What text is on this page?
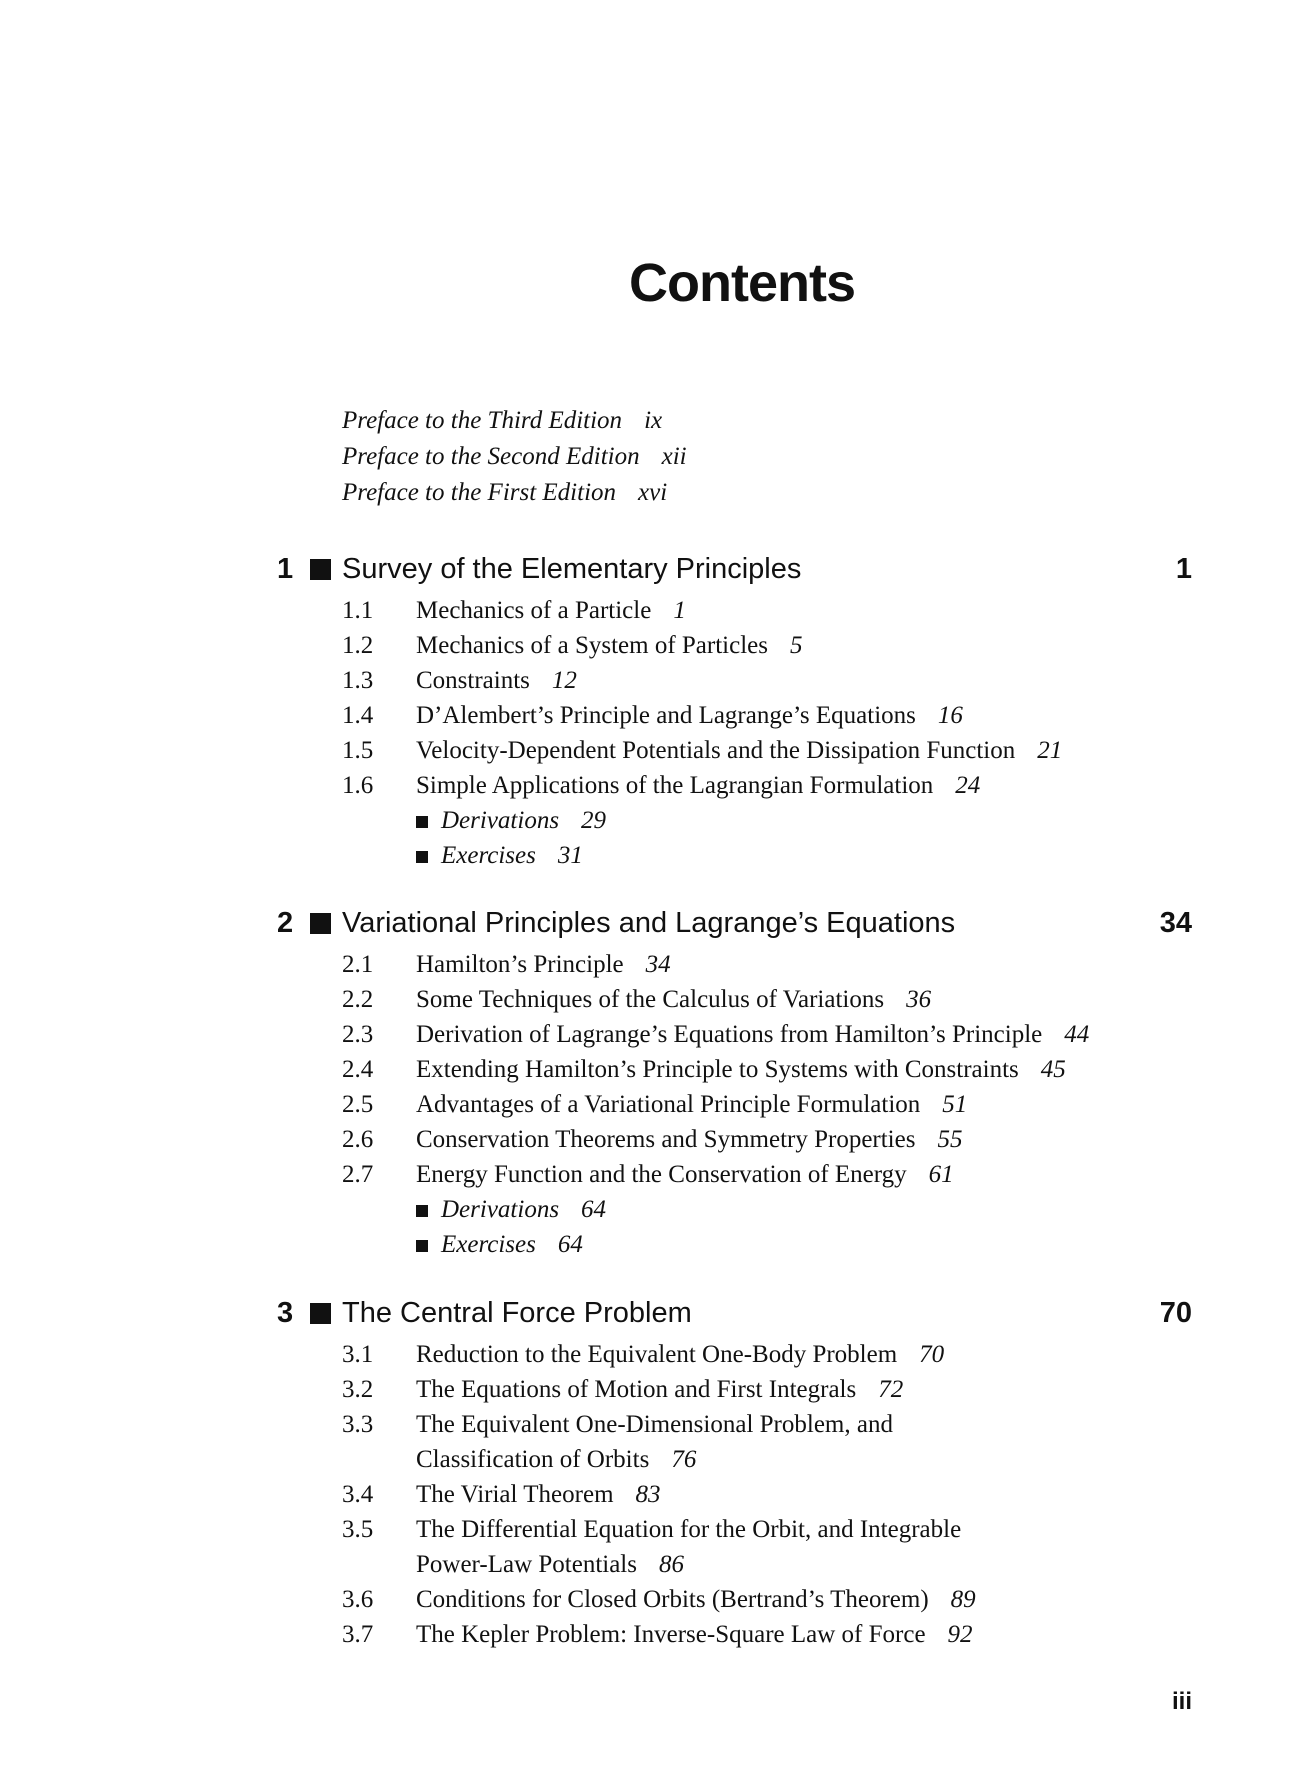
Contents
Preface to the Third Edition ix
Preface to the Second Edition xii
Preface to the First Edition xvi
1 Survey of the Elementary Principles	1
1.1 Mechanics of a Particle 1
1.2 Mechanics of a System of Particles 5
1.3 Constraints 12
1.4 D’Alembert’s Principle and Lagrange’s Equations 16
1.5 Velocity-Dependent Potentials and the Dissipation Function 21
1.6 Simple Applications of the Lagrangian Formulation 24
Derivations 29
Exercises 31
2 Variational Principles and Lagrange’s Equations	34
2.1 Hamilton’s Principle 34
2.2 Some Techniques of the Calculus of Variations 36
2.3 Derivation of Lagrange’s Equations from Hamilton’s Principle 44
2.4 Extending Hamilton’s Principle to Systems with Constraints 45
2.5 Advantages of a Variational Principle Formulation 51
2.6 Conservation Theorems and Symmetry Properties 55
2.7 Energy Function and the Conservation of Energy 61
Derivations 64
Exercises 64
3 The Central Force Problem	70
3.1 Reduction to the Equivalent One-Body Problem 70
3.2 The Equations of Motion and First Integrals 72
3.3 The Equivalent One-Dimensional Problem, and
Classification of Orbits 76
3.4 The Virial Theorem 83
3.5 The Differential Equation for the Orbit, and Integrable
Power-Law Potentials 86
3.6 Conditions for Closed Orbits (Bertrand’s Theorem) 89
3.7 The Kepler Problem: Inverse-Square Law of Force 92
iii
